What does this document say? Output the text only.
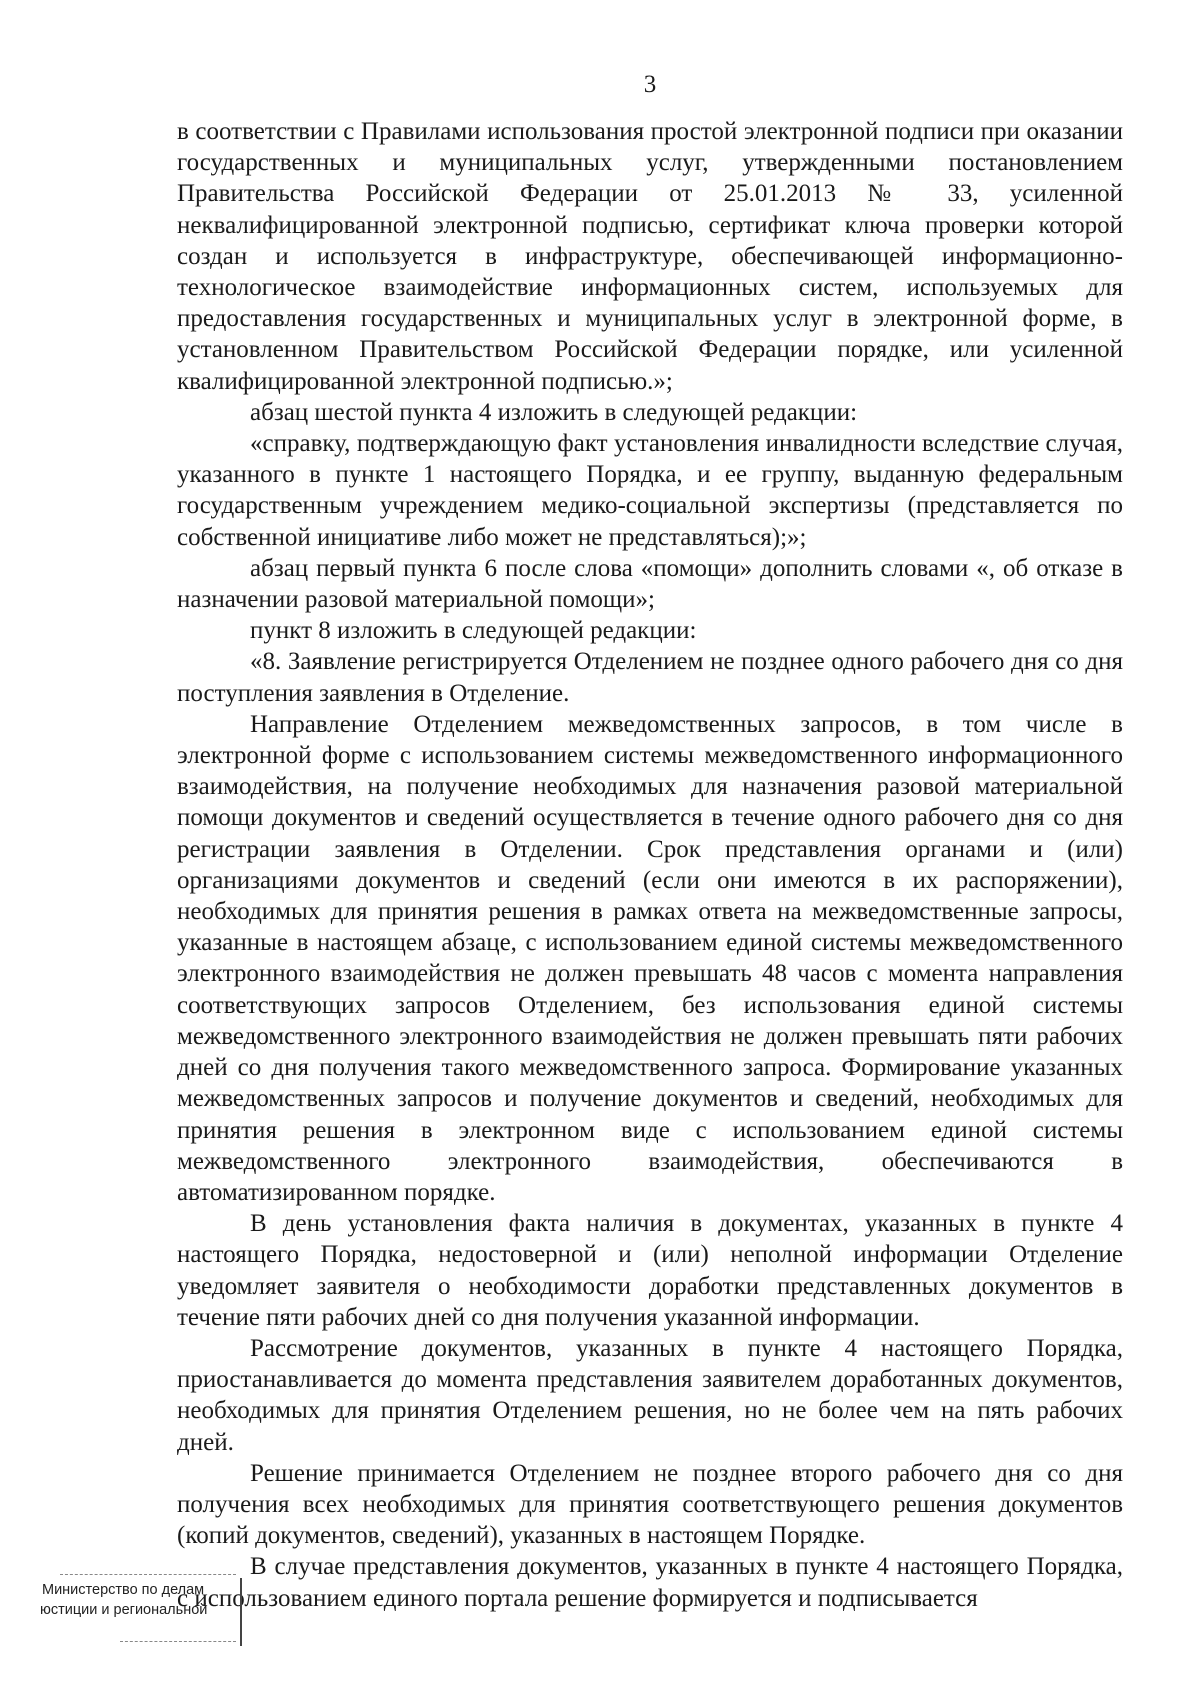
3

в соответствии с Правилами использования простой электронной подписи при оказании государственных и муниципальных услуг, утвержденными постановлением Правительства Российской Федерации от 25.01.2013 № 33, усиленной неквалифицированной электронной подписью, сертификат ключа проверки которой создан и используется в инфраструктуре, обеспечивающей информационно-технологическое взаимодействие информационных систем, используемых для предоставления государственных и муниципальных услуг в электронной форме, в установленном Правительством Российской Федерации порядке, или усиленной квалифицированной электронной подписью.»;

абзац шестой пункта 4 изложить в следующей редакции:

«справку, подтверждающую факт установления инвалидности вследствие случая, указанного в пункте 1 настоящего Порядка, и ее группу, выданную федеральным государственным учреждением медико-социальной экспертизы (представляется по собственной инициативе либо может не представляться);»;

абзац первый пункта 6 после слова «помощи» дополнить словами «, об отказе в назначении разовой материальной помощи»;

пункт 8 изложить в следующей редакции:

«8. Заявление регистрируется Отделением не позднее одного рабочего дня со дня поступления заявления в Отделение.

Направление Отделением межведомственных запросов, в том числе в электронной форме с использованием системы межведомственного информационного взаимодействия, на получение необходимых для назначения разовой материальной помощи документов и сведений осуществляется в течение одного рабочего дня со дня регистрации заявления в Отделении. Срок представления органами и (или) организациями документов и сведений (если они имеются в их распоряжении), необходимых для принятия решения в рамках ответа на межведомственные запросы, указанные в настоящем абзаце, с использованием единой системы межведомственного электронного взаимодействия не должен превышать 48 часов с момента направления соответствующих запросов Отделением, без использования единой системы межведомственного электронного взаимодействия не должен превышать пяти рабочих дней со дня получения такого межведомственного запроса. Формирование указанных межведомственных запросов и получение документов и сведений, необходимых для принятия решения в электронном виде с использованием единой системы межведомственного электронного взаимодействия, обеспечиваются в автоматизированном порядке.

В день установления факта наличия в документах, указанных в пункте 4 настоящего Порядка, недостоверной и (или) неполной информации Отделение уведомляет заявителя о необходимости доработки представленных документов в течение пяти рабочих дней со дня получения указанной информации.

Рассмотрение документов, указанных в пункте 4 настоящего Порядка, приостанавливается до момента представления заявителем доработанных документов, необходимых для принятия Отделением решения, но не более чем на пять рабочих дней.

Решение принимается Отделением не позднее второго рабочего дня со дня получения всех необходимых для принятия соответствующего решения документов (копий документов, сведений), указанных в настоящем Порядке.

В случае представления документов, указанных в пункте 4 настоящего Порядка, с использованием единого портала решение формируется и подписывается

Министерство по делам
юстиции и региональной
